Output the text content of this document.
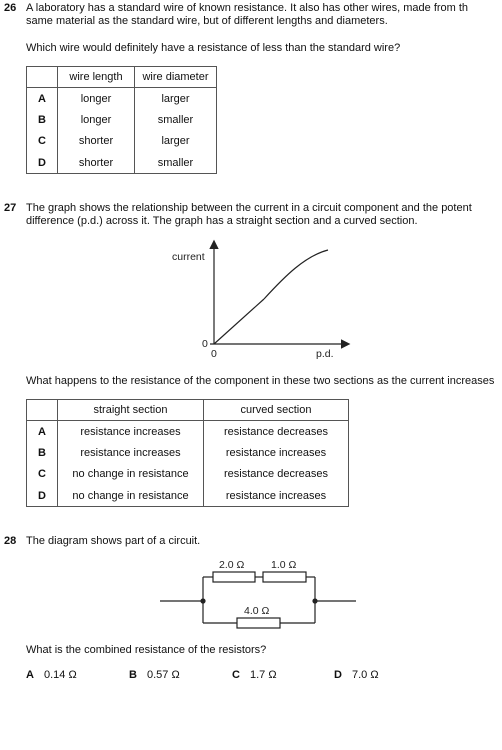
26 A laboratory has a standard wire of known resistance. It also has other wires, made from th
same material as the standard wire, but of different lengths and diameters.
Which wire would definitely have a resistance of less than the standard wire?
	wire length	wire diameter
A	longer	larger
B	longer	smaller
C	shorter	larger
D	shorter	smaller
27 The graph shows the relationship between the current in a circuit component and the potent
difference (p.d.) across it. The graph has a straight section and a curved section.
current
0
0	p.d.
What happens to the resistance of the component in these two sections as the current increases
	straight section	curved section
A	resistance increases	resistance decreases
B	resistance increases	resistance increases
C	no change in resistance	resistance decreases
D	no change in resistance	resistance increases
28 The diagram shows part of a circuit.
2.0 Ω	1.0 Ω
4.0 Ω
What is the combined resistance of the resistors?
A 0.14 Ω	B 0.57 Ω	C 1.7 Ω	D 7.0 Ω
